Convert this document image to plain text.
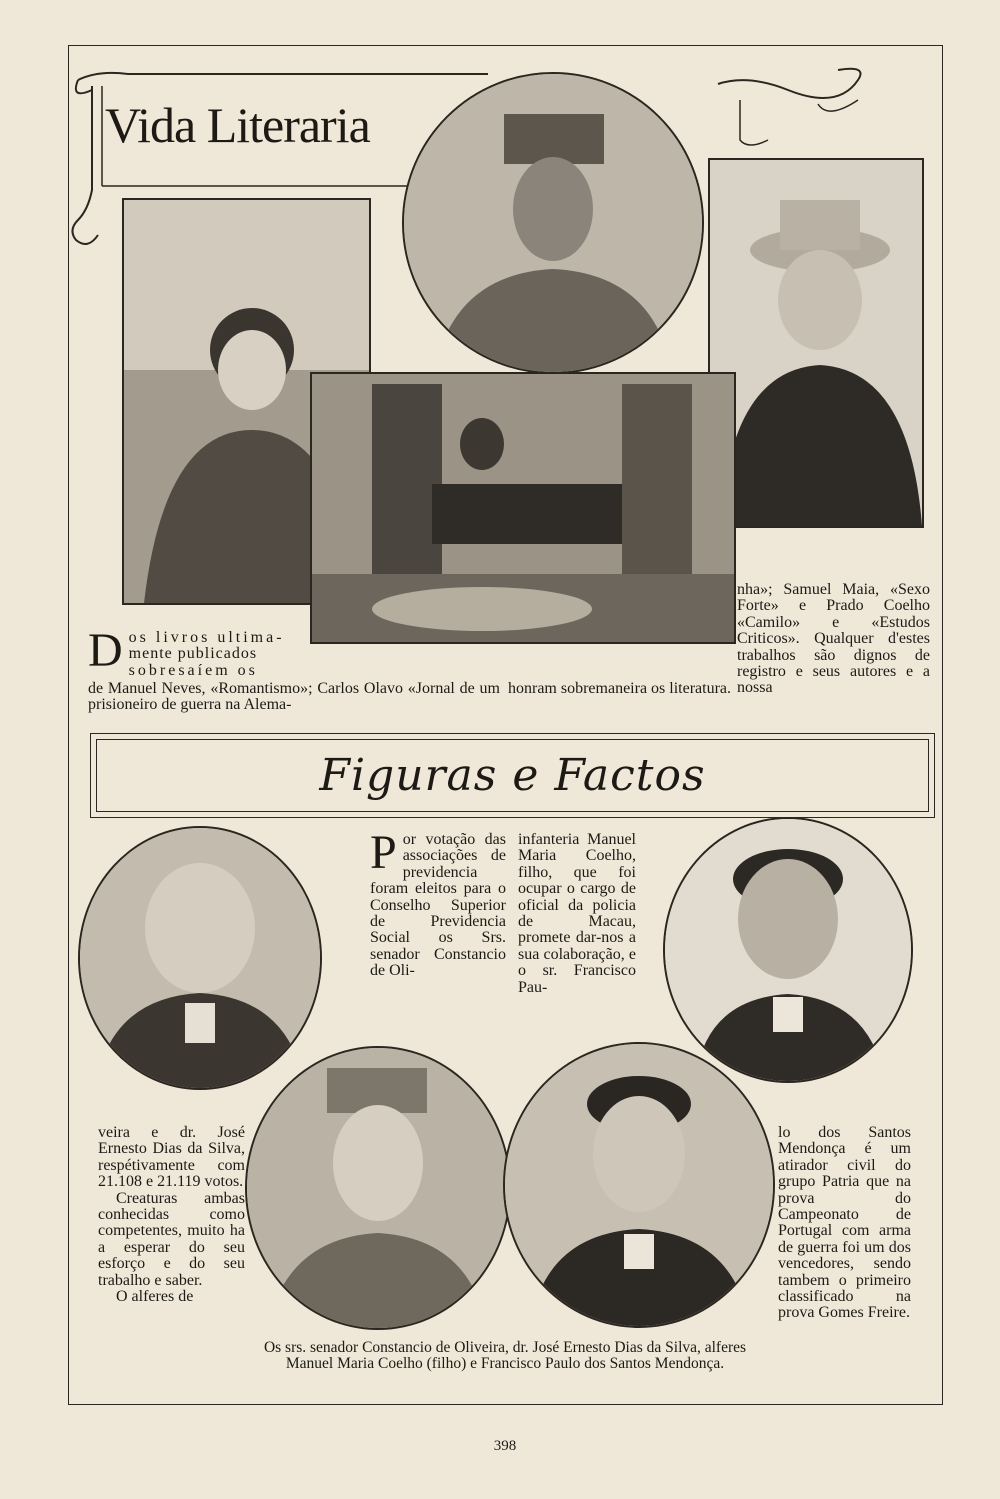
Vida Literaria
D os livros ultima-
mente publicados
sobresaíem os

de Manuel Neves, «Romantismo»; Carlos Olavo «Jornal de um prisioneiro de guerra na Alema-

honram sobremaneira os literatura.

nha»; Samuel Maia, «Sexo Forte» e Prado Coelho «Camilo» e «Estudos Criticos». Qualquer d'estes trabalhos são dignos de registro e seus autores e a nossa

Figuras e Factos
P or votação das associações de previdencia foram eleitos para o Conselho Superior de Previdencia Social os Srs. senador Constancio de Oli-

infanteria Manuel Maria Coelho, filho, que foi ocupar o cargo de oficial da policia de Macau, promete dar-nos a sua colaboração, e o sr. Francisco Pau-

veira e dr. José Ernesto Dias da Silva, respétivamente com 21.108 e 21.119 votos.

Creaturas ambas conhecidas como competentes, muito ha a esperar do seu esforço e do seu trabalho e saber.

O alferes de

lo dos Santos Mendonça é um atirador civil do grupo Patria que na prova do Campeonato de Portugal com arma de guerra foi um dos vencedores, sendo tambem o primeiro classificado na prova Gomes Freire.

Os srs. senador Constancio de Oliveira, dr. José Ernesto Dias da Silva, alferes Manuel Maria Coelho (filho) e Francisco Paulo dos Santos Mendonça.
398
